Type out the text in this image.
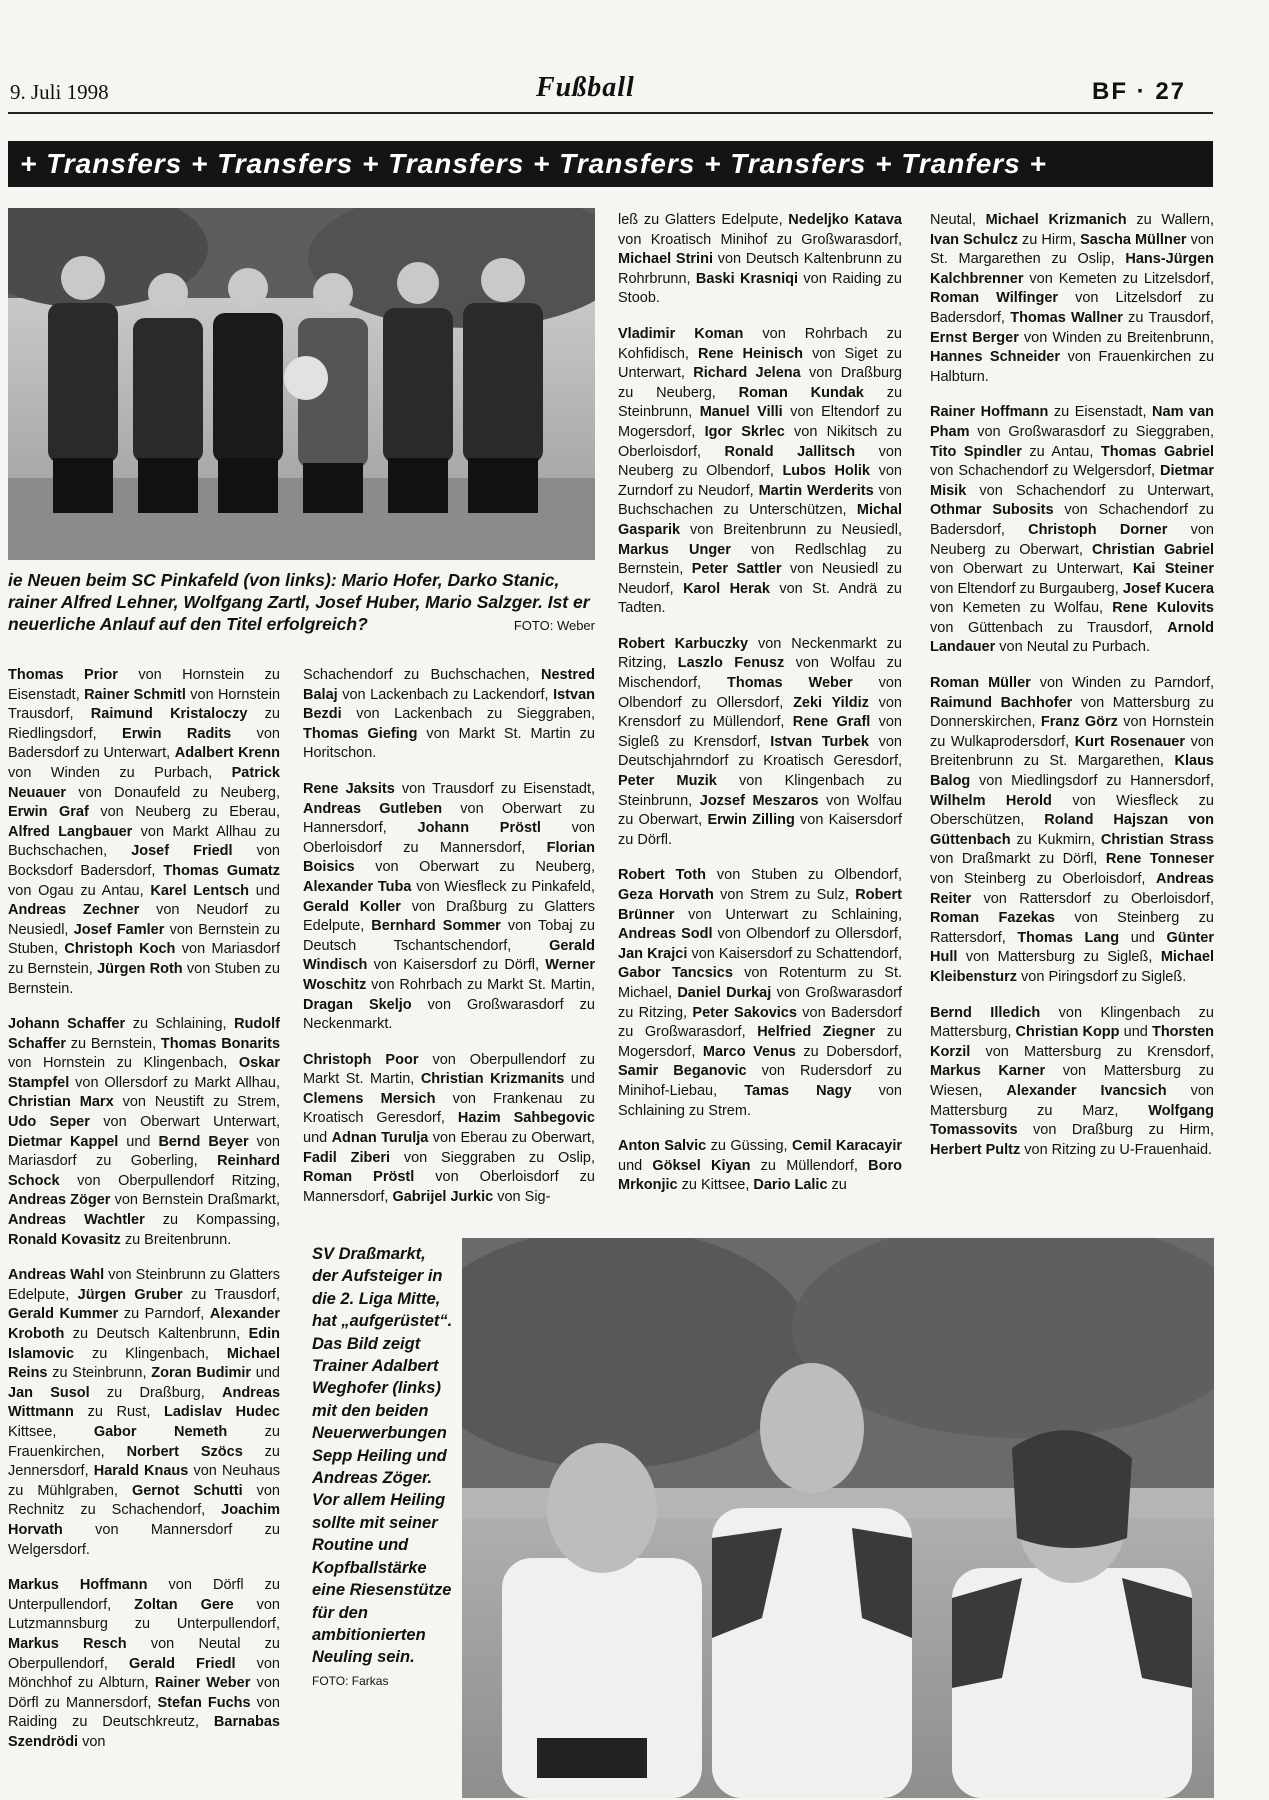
9. Juli 1998	Fußball	BF · 27
+ Transfers + Transfers + Transfers + Transfers + Transfers + Tranfers +
ie Neuen beim SC Pinkafeld (von links): Mario Hofer, Darko Stanic, rainer Alfred Lehner, Wolfgang Zartl, Josef Huber, Mario Salzger. Ist er neuerliche Anlauf auf den Titel erfolgreich?	FOTO: Weber

Thomas Prior von Hornstein zu Eisenstadt, Rainer Schmitl von Hornstein Trausdorf, Raimund Kristaloczy zu Riedlingsdorf, Erwin Radits von Badersdorf zu Unterwart, Adalbert Krenn von Winden zu Purbach, Patrick Neuauer von Donaufeld zu Neuberg, Erwin Graf von Neuberg zu Eberau, Alfred Langbauer von Markt Allhau zu Buchschachen, Josef Friedl von Bocksdorf Badersdorf, Thomas Gumatz von Ogau zu Antau, Karel Lentsch und Andreas Zechner von Neudorf zu Neusiedl, Josef Famler von Bernstein zu Stuben, Christoph Koch von Mariasdorf zu Bernstein, Jürgen Roth von Stuben zu Bernstein.

Johann Schaffer zu Schlaining, Rudolf Schaffer zu Bernstein, Thomas Bonarits von Hornstein zu Klingenbach, Oskar Stampfel von Ollersdorf zu Markt Allhau, Christian Marx von Neustift zu Strem, Udo Seper von Oberwart Unterwart, Dietmar Kappel und Bernd Beyer von Mariasdorf zu Goberling, Reinhard Schock von Oberpullendorf Ritzing, Andreas Zöger von Bernstein Draßmarkt, Andreas Wachtler zu Kompassing, Ronald Kovasitz zu Breitenbrunn.

Andreas Wahl von Steinbrunn zu Glatters Edelpute, Jürgen Gruber zu Trausdorf, Gerald Kummer zu Parndorf, Alexander Kroboth zu Deutsch Kaltenbrunn, Edin Islamovic zu Klingenbach, Michael Reins zu Steinbrunn, Zoran Budimir und Jan Susol zu Draßburg, Andreas Wittmann zu Rust, Ladislav Hudec Kittsee, Gabor Nemeth zu Frauenkirchen, Norbert Szöcs zu Jennersdorf, Harald Knaus von Neuhaus zu Mühlgraben, Gernot Schutti von Rechnitz zu Schachendorf, Joachim Horvath von Mannersdorf zu Welgersdorf.

Markus Hoffmann von Dörfl zu Unterpullendorf, Zoltan Gere von Lutzmannsburg zu Unterpullendorf, Markus Resch von Neutal zu Oberpullendorf, Gerald Friedl von Mönchhof zu Albturn, Rainer Weber von Dörfl zu Mannersdorf, Stefan Fuchs von Raiding zu Deutschkreutz, Barnabas Szendrödi von

Schachendorf zu Buchschachen, Nestred Balaj von Lackenbach zu Lackendorf, Istvan Bezdi von Lackenbach zu Sieggraben, Thomas Giefing von Markt St. Martin zu Horitschon.

Rene Jaksits von Trausdorf zu Eisenstadt, Andreas Gutleben von Oberwart zu Hannersdorf, Johann Pröstl von Oberloisdorf zu Mannersdorf, Florian Boisics von Oberwart zu Neuberg, Alexander Tuba von Wiesfleck zu Pinkafeld, Gerald Koller von Draßburg zu Glatters Edelpute, Bernhard Sommer von Tobaj zu Deutsch Tschantschendorf, Gerald Windisch von Kaisersdorf zu Dörfl, Werner Woschitz von Rohrbach zu Markt St. Martin, Dragan Skeljo von Großwarasdorf zu Neckenmarkt.

Christoph Poor von Oberpullendorf zu Markt St. Martin, Christian Krizmanits und Clemens Mersich von Frankenau zu Kroatisch Geresdorf, Hazim Sahbegovic und Adnan Turulja von Eberau zu Oberwart, Fadil Ziberi von Sieggraben zu Oslip, Roman Pröstl von Oberloisdorf zu Mannersdorf, Gabrijel Jurkic von Sig-

leß zu Glatters Edelpute, Nedeljko Katava von Kroatisch Minihof zu Großwarasdorf, Michael Strini von Deutsch Kaltenbrunn zu Rohrbrunn, Baski Krasniqi von Raiding zu Stoob.

Vladimir Koman von Rohrbach zu Kohfidisch, Rene Heinisch von Siget zu Unterwart, Richard Jelena von Draßburg zu Neuberg, Roman Kundak zu Steinbrunn, Manuel Villi von Eltendorf zu Mogersdorf, Igor Skrlec von Nikitsch zu Oberloisdorf, Ronald Jallitsch von Neuberg zu Olbendorf, Lubos Holik von Zurndorf zu Neudorf, Martin Werderits von Buchschachen zu Unterschützen, Michal Gasparik von Breitenbrunn zu Neusiedl, Markus Unger von Redlschlag zu Bernstein, Peter Sattler von Neusiedl zu Neudorf, Karol Herak von St. Andrä zu Tadten.

Robert Karbuczky von Neckenmarkt zu Ritzing, Laszlo Fenusz von Wolfau zu Mischendorf, Thomas Weber von Olbendorf zu Ollersdorf, Zeki Yildiz von Krensdorf zu Müllendorf, Rene Grafl von Sigleß zu Krensdorf, Istvan Turbek von Deutschjahrndorf zu Kroatisch Geresdorf, Peter Muzik von Klingenbach zu Steinbrunn, Jozsef Meszaros von Wolfau zu Oberwart, Erwin Zilling von Kaisersdorf zu Dörfl.

Robert Toth von Stuben zu Olbendorf, Geza Horvath von Strem zu Sulz, Robert Brünner von Unterwart zu Schlaining, Andreas Sodl von Olbendorf zu Ollersdorf, Jan Krajci von Kaisersdorf zu Schattendorf, Gabor Tancsics von Rotenturm zu St. Michael, Daniel Durkaj von Großwarasdorf zu Ritzing, Peter Sakovics von Badersdorf zu Großwarasdorf, Helfried Ziegner zu Mogersdorf, Marco Venus zu Dobersdorf, Samir Beganovic von Rudersdorf zu Minihof-Liebau, Tamas Nagy von Schlaining zu Strem.

Anton Salvic zu Güssing, Cemil Karacayir und Göksel Kiyan zu Müllendorf, Boro Mrkonjic zu Kittsee, Dario Lalic zu

Neutal, Michael Krizmanich zu Wallern, Ivan Schulcz zu Hirm, Sascha Müllner von St. Margarethen zu Oslip, Hans-Jürgen Kalchbrenner von Kemeten zu Litzelsdorf, Roman Wilfinger von Litzelsdorf zu Badersdorf, Thomas Wallner zu Trausdorf, Ernst Berger von Winden zu Breitenbrunn, Hannes Schneider von Frauenkirchen zu Halbturn.

Rainer Hoffmann zu Eisenstadt, Nam van Pham von Großwarasdorf zu Sieggraben, Tito Spindler zu Antau, Thomas Gabriel von Schachendorf zu Welgersdorf, Dietmar Misik von Schachendorf zu Unterwart, Othmar Subosits von Schachendorf zu Badersdorf, Christoph Dorner von Neuberg zu Oberwart, Christian Gabriel von Oberwart zu Unterwart, Kai Steiner von Eltendorf zu Burgauberg, Josef Kucera von Kemeten zu Wolfau, Rene Kulovits von Güttenbach zu Trausdorf, Arnold Landauer von Neutal zu Purbach.

Roman Müller von Winden zu Parndorf, Raimund Bachhofer von Mattersburg zu Donnerskirchen, Franz Görz von Hornstein zu Wulkaprodersdorf, Kurt Rosenauer von Breitenbrunn zu St. Margarethen, Klaus Balog von Miedlingsdorf zu Hannersdorf, Wilhelm Herold von Wiesfleck zu Oberschützen, Roland Hajszan von Güttenbach zu Kukmirn, Christian Strass von Draßmarkt zu Dörfl, Rene Tonneser von Steinberg zu Oberloisdorf, Andreas Reiter von Rattersdorf zu Oberloisdorf, Roman Fazekas von Steinberg zu Rattersdorf, Thomas Lang und Günter Hull von Mattersburg zu Sigleß, Michael Kleibensturz von Piringsdorf zu Sigleß.

Bernd Illedich von Klingenbach zu Mattersburg, Christian Kopp und Thorsten Korzil von Mattersburg zu Krensdorf, Markus Karner von Mattersburg zu Wiesen, Alexander Ivancsich von Mattersburg zu Marz, Wolfgang Tomassovits von Draßburg zu Hirm, Herbert Pultz von Ritzing zu U-Frauenhaid.

SV Draßmarkt, der Aufsteiger in die 2. Liga Mitte, hat „aufgerüstet“. Das Bild zeigt Trainer Adalbert Weghofer (links) mit den beiden Neuerwerbungen Sepp Heiling und Andreas Zöger. Vor allem Heiling sollte mit seiner Routine und Kopfballstärke eine Riesenstütze für den ambitionierten Neuling sein. FOTO: Farkas
